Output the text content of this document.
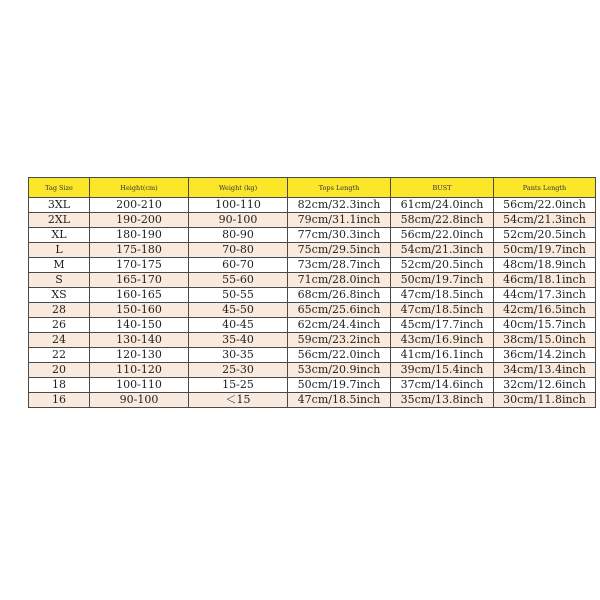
Tag Size	Height(cm)	Weight (kg)	Tops Length	BUST	Pants Length
3XL	200-210	100-110	82cm/32.3inch	61cm/24.0inch	56cm/22.0inch
2XL	190-200	90-100	79cm/31.1inch	58cm/22.8inch	54cm/21.3inch
XL	180-190	80-90	77cm/30.3inch	56cm/22.0inch	52cm/20.5inch
L	175-180	70-80	75cm/29.5inch	54cm/21.3inch	50cm/19.7inch
M	170-175	60-70	73cm/28.7inch	52cm/20.5inch	48cm/18.9inch
S	165-170	55-60	71cm/28.0inch	50cm/19.7inch	46cm/18.1inch
XS	160-165	50-55	68cm/26.8inch	47cm/18.5inch	44cm/17.3inch
28	150-160	45-50	65cm/25.6inch	47cm/18.5inch	42cm/16.5inch
26	140-150	40-45	62cm/24.4inch	45cm/17.7inch	40cm/15.7inch
24	130-140	35-40	59cm/23.2inch	43cm/16.9inch	38cm/15.0inch
22	120-130	30-35	56cm/22.0inch	41cm/16.1inch	36cm/14.2inch
20	110-120	25-30	53cm/20.9inch	39cm/15.4inch	34cm/13.4inch
18	100-110	15-25	50cm/19.7inch	37cm/14.6inch	32cm/12.6inch
16	90-100	＜15	47cm/18.5inch	35cm/13.8inch	30cm/11.8inch
